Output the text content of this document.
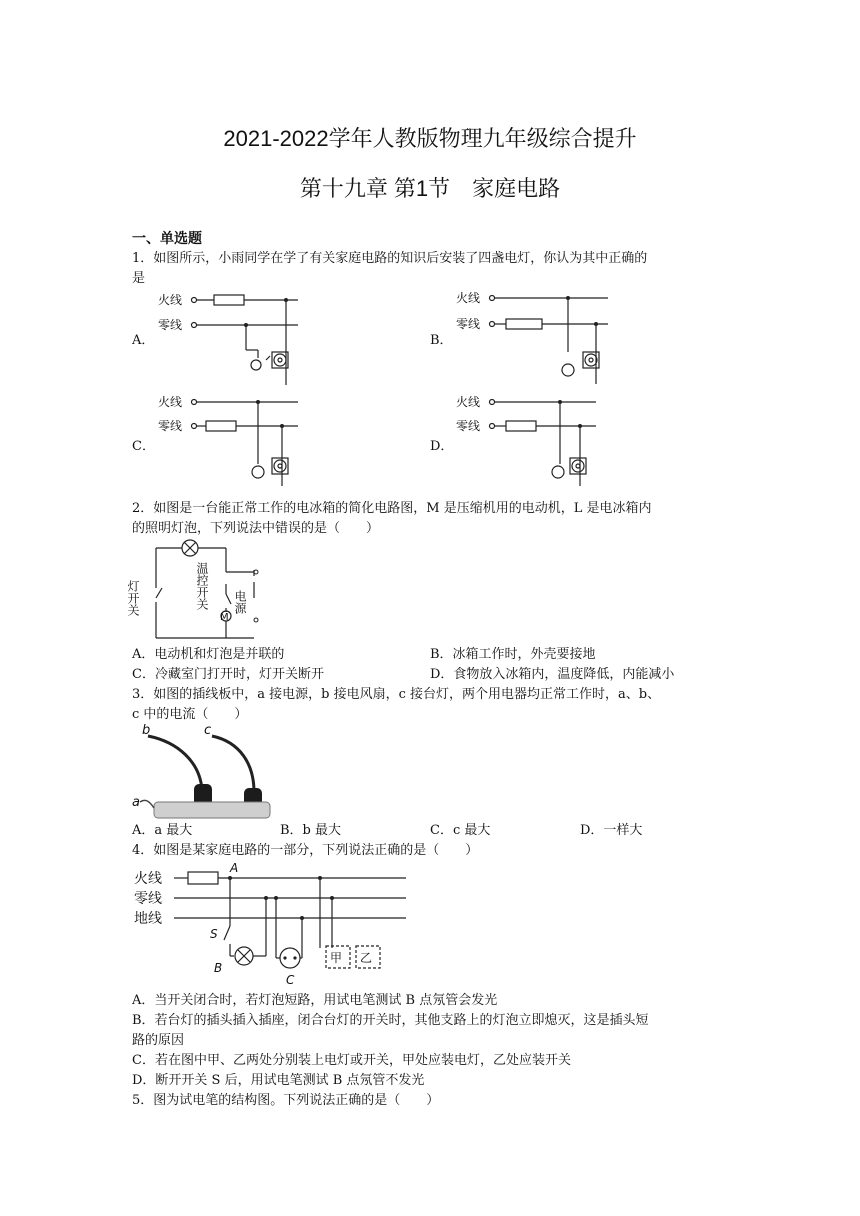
2021-2022学年人教版物理九年级综合提升
第十九章 第1节　家庭电路
一、单选题
1．如图所示，小雨同学在学了有关家庭电路的知识后安装了四盏电灯，你认为其中正确的
是
A．	B．
C．	D．
火线
零线
火线
零线
火线
零线
火线
零线
2．如图是一台能正常工作的电冰箱的简化电路图，M 是压缩机用的电动机，L 是电冰箱内
的照明灯泡，下列说法中错误的是（　　）
灯开关	温控开关
M
电源
A．电动机和灯泡是并联的	B．冰箱工作时，外壳要接地
C．冷藏室门打开时，灯开关断开	D．食物放入冰箱内，温度降低，内能减小
3．如图的插线板中，a 接电源，b 接电风扇，c 接台灯，两个用电器均正常工作时，a、b、
c 中的电流（　　）
b	c
a
A．a 最大	B．b 最大	C．c 最大	D．一样大
4．如图是某家庭电路的一部分，下列说法正确的是（　　）
火线
零线
地线
A
S
B
C
甲 乙
A．当开关闭合时，若灯泡短路，用试电笔测试 B 点氖管会发光
B．若台灯的插头插入插座，闭合台灯的开关时，其他支路上的灯泡立即熄灭，这是插头短
路的原因
C．若在图中甲、乙两处分别装上电灯或开关，甲处应装电灯，乙处应装开关
D．断开开关 S 后，用试电笔测试 B 点氖管不发光
5．图为试电笔的结构图。下列说法正确的是（　　）
